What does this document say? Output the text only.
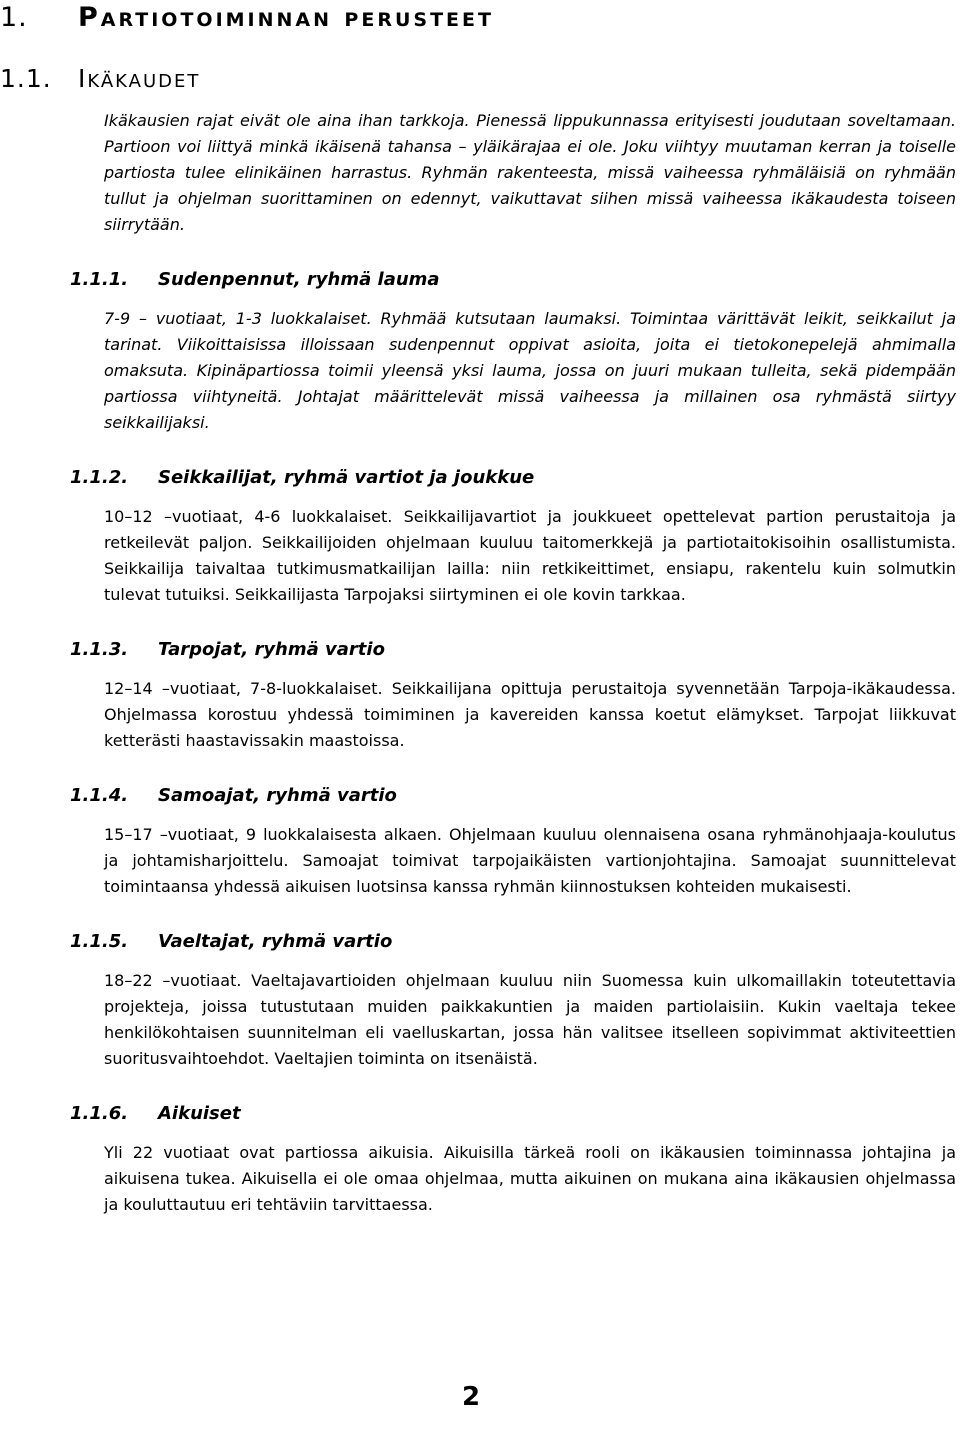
1. Partiotoiminnan perusteet
1.1. Ikäkaudet

Ikäkausien rajat eivät ole aina ihan tarkkoja. Pienessä lippukunnassa erityisesti joudutaan soveltamaan. Partioon voi liittyä minkä ikäisenä tahansa – yläikärajaa ei ole. Joku viihtyy muutaman kerran ja toiselle partiosta tulee elinikäinen harrastus. Ryhmän rakenteesta, missä vaiheessa ryhmäläisiä on ryhmään tullut ja ohjelman suorittaminen on edennyt, vaikuttavat siihen missä vaiheessa ikäkaudesta toiseen siirrytään.

1.1.1.	Sudenpennut, ryhmä lauma

7-9 – vuotiaat, 1-3 luokkalaiset. Ryhmää kutsutaan laumaksi. Toimintaa värittävät leikit, seikkailut ja tarinat. Viikoittaisissa illoissaan sudenpennut oppivat asioita, joita ei tietokonepelejä ahmimalla omaksuta. Kipinäpartiossa toimii yleensä yksi lauma, jossa on juuri mukaan tulleita, sekä pidempään partiossa viihtyneitä. Johtajat määrittelevät missä vaiheessa ja millainen osa ryhmästä siirtyy seikkailijaksi.

1.1.2.	Seikkailijat, ryhmä vartiot ja joukkue

10–12 –vuotiaat, 4-6 luokkalaiset. Seikkailijavartiot ja joukkueet opettelevat partion perustaitoja ja retkeilevät paljon. Seikkailijoiden ohjelmaan kuuluu taitomerkkejä ja partiotaitokisoihin osallistumista. Seikkailija taivaltaa tutkimusmatkailijan lailla: niin retkikeittimet, ensiapu, rakentelu kuin solmutkin tulevat tutuiksi. Seikkailijasta Tarpojaksi siirtyminen ei ole kovin tarkkaa.

1.1.3.	Tarpojat, ryhmä vartio

12–14 –vuotiaat, 7-8-luokkalaiset. Seikkailijana opittuja perustaitoja syvennetään Tarpoja-ikäkaudessa. Ohjelmassa korostuu yhdessä toimiminen ja kavereiden kanssa koetut elämykset. Tarpojat liikkuvat ketterästi haastavissakin maastoissa.

1.1.4.	Samoajat, ryhmä vartio

15–17 –vuotiaat, 9 luokkalaisesta alkaen. Ohjelmaan kuuluu olennaisena osana ryhmänohjaaja-koulutus ja johtamisharjoittelu. Samoajat toimivat tarpojaikäisten vartionjohtajina. Samoajat suunnittelevat toimintaansa yhdessä aikuisen luotsinsa kanssa ryhmän kiinnostuksen kohteiden mukaisesti.

1.1.5.	Vaeltajat, ryhmä vartio

18–22 –vuotiaat. Vaeltajavartioiden ohjelmaan kuuluu niin Suomessa kuin ulkomaillakin toteutettavia projekteja, joissa tutustutaan muiden paikkakuntien ja maiden partiolaisiin. Kukin vaeltaja tekee henkilökohtaisen suunnitelman eli vaelluskartan, jossa hän valitsee itselleen sopivimmat aktiviteettien suoritusvaihtoehdot. Vaeltajien toiminta on itsenäistä.

1.1.6.	Aikuiset

Yli 22 vuotiaat ovat partiossa aikuisia. Aikuisilla tärkeä rooli on ikäkausien toiminnassa johtajina ja aikuisena tukea. Aikuisella ei ole omaa ohjelmaa, mutta aikuinen on mukana aina ikäkausien ohjelmassa ja kouluttautuu eri tehtäviin tarvittaessa.

2
